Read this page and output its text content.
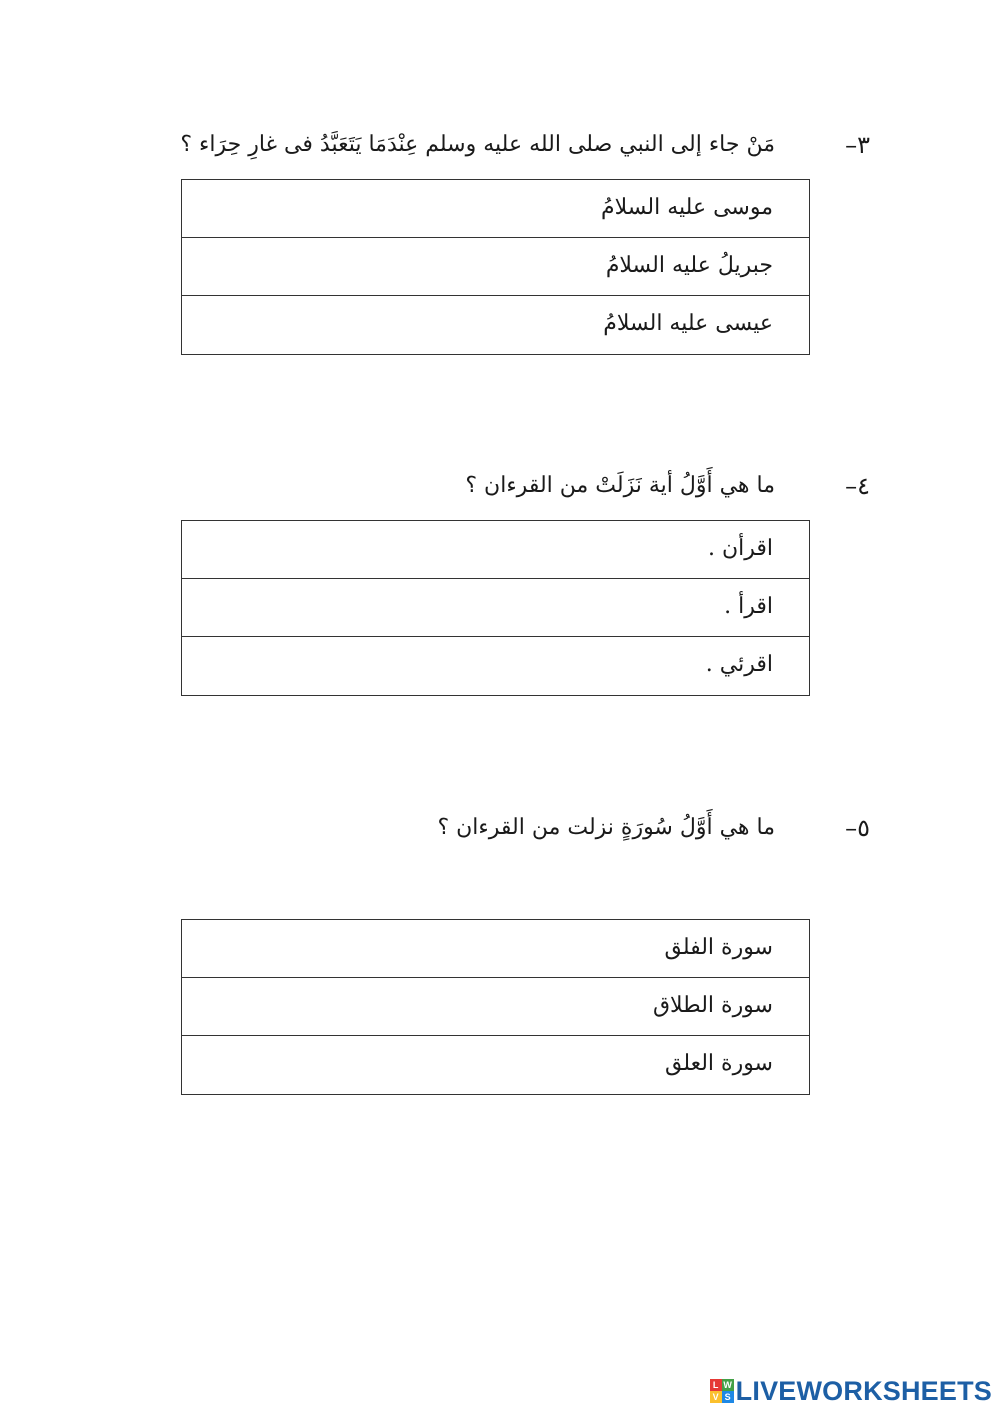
٣–
مَنْ جاء إلى النبي صلى الله عليه وسلم عِنْدَمَا يَتَعَبَّدُ فى غارِ حِرَاء ؟
موسى عليه السلامُ
جبريلُ عليه السلامُ
عيسى عليه السلامُ
٤–
ما هي أَوَّلُ أية نَزَلَتْ من القرءان ؟
اقرأن .
اقرأ .
اقرئي .
٥–
ما هي أَوَّلُ سُورَةٍ نزلت من القرءان ؟
سورة الفلق
سورة الطلاق
سورة العلق
L W
V S LIVEWORKSHEETS
